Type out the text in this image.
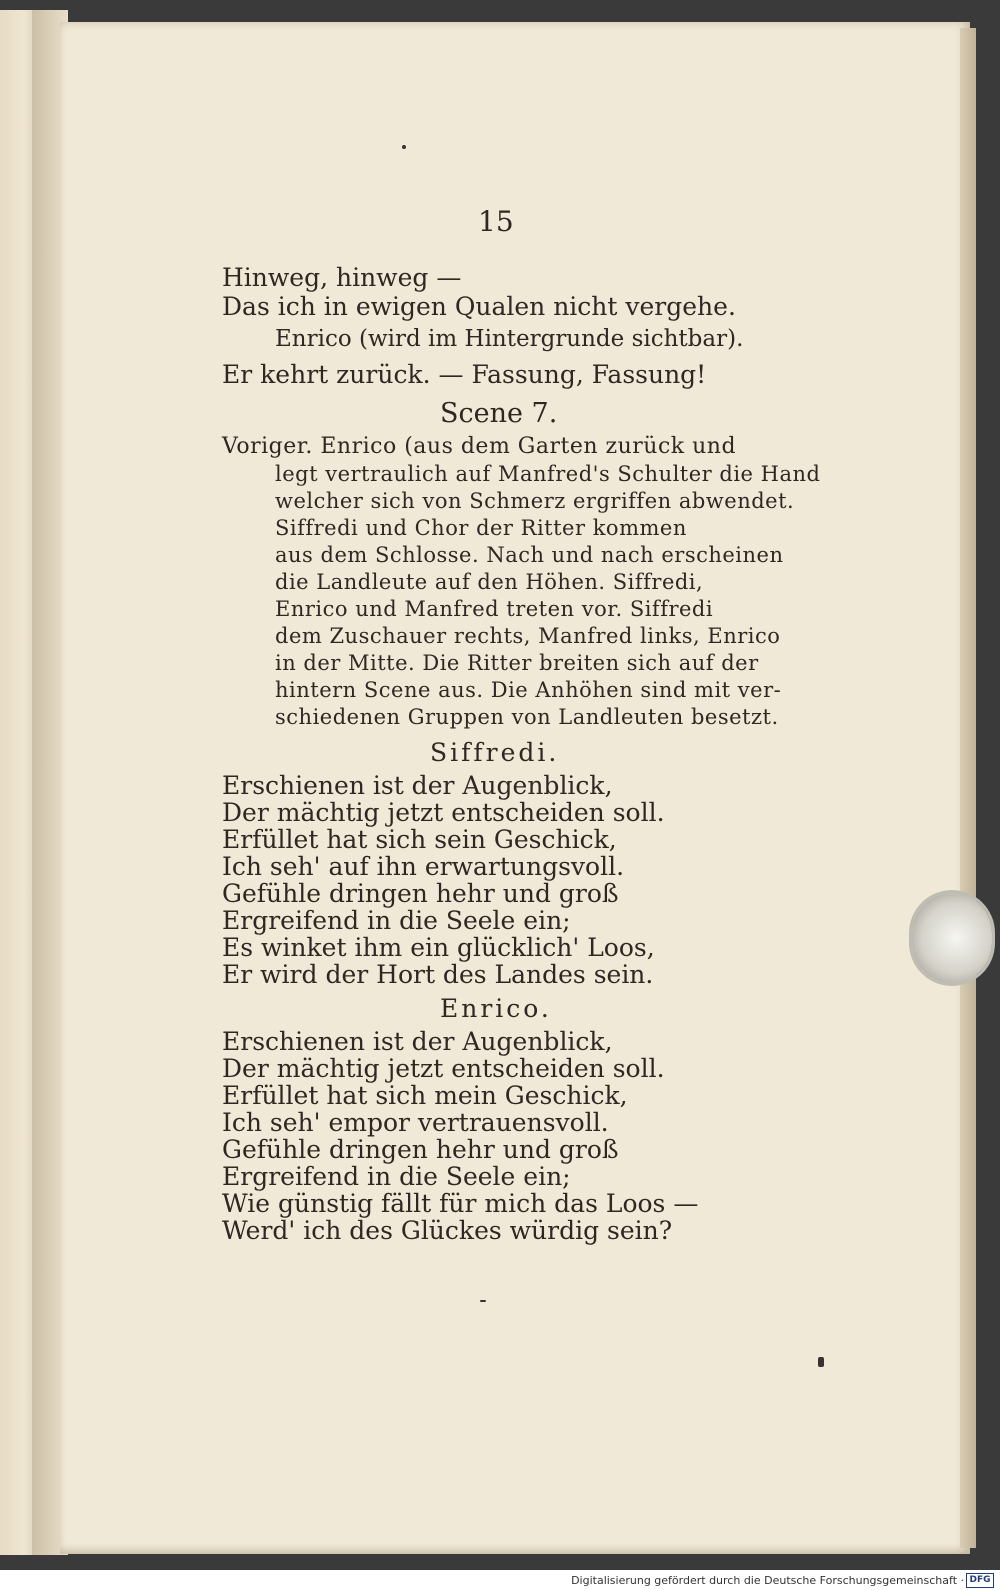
15
Hinweg, hinweg —
Das ich in ewigen Qualen nicht vergehe.
Enrico (wird im Hintergrunde sichtbar).
Er kehrt zurück. — Fassung, Fassung!
Scene 7.
Voriger. Enrico (aus dem Garten zurück und
legt vertraulich auf Manfred's Schulter die Hand
welcher sich von Schmerz ergriffen abwendet.
Siffredi und Chor der Ritter kommen
aus dem Schlosse. Nach und nach erscheinen
die Landleute auf den Höhen. Siffredi,
Enrico und Manfred treten vor. Siffredi
dem Zuschauer rechts, Manfred links, Enrico
in der Mitte. Die Ritter breiten sich auf der
hintern Scene aus. Die Anhöhen sind mit ver-
schiedenen Gruppen von Landleuten besetzt.
Siffredi.
Erschienen ist der Augenblick,
Der mächtig jetzt entscheiden soll.
Erfüllet hat sich sein Geschick,
Ich seh' auf ihn erwartungsvoll.
Gefühle dringen hehr und groß
Ergreifend in die Seele ein;
Es winket ihm ein glücklich' Loos,
Er wird der Hort des Landes sein.
Enrico.
Erschienen ist der Augenblick,
Der mächtig jetzt entscheiden soll.
Erfüllet hat sich mein Geschick,
Ich seh' empor vertrauensvoll.
Gefühle dringen hehr und groß
Ergreifend in die Seele ein;
Wie günstig fällt für mich das Loos —
Werd' ich des Glückes würdig sein?
Digitalisierung gefördert durch die Deutsche Forschungsgemeinschaft · DFG
